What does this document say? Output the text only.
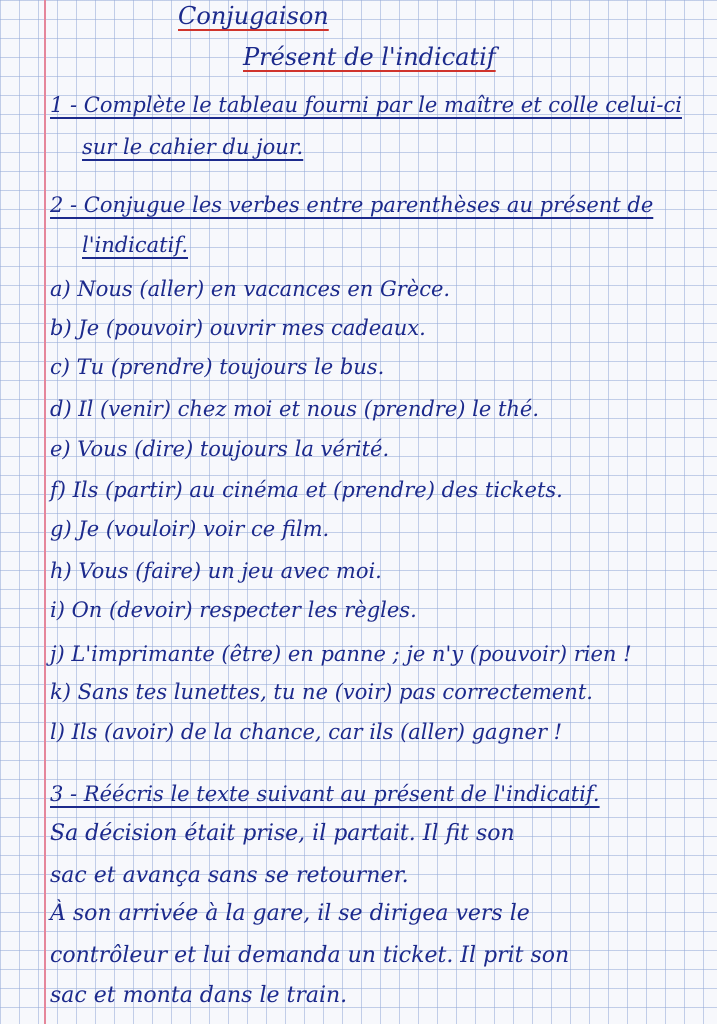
Conjugaison
Présent de l'indicatif
1 - Complète le tableau fourni par le maître et colle celui-ci
sur le cahier du jour.
2 - Conjugue les verbes entre parenthèses au présent de
l'indicatif.
a) Nous (aller) en vacances en Grèce.
b) Je (pouvoir) ouvrir mes cadeaux.
c) Tu (prendre) toujours le bus.
d) Il (venir) chez moi et nous (prendre) le thé.
e) Vous (dire) toujours la vérité.
f) Ils (partir) au cinéma et (prendre) des tickets.
g) Je (vouloir) voir ce film.
h) Vous (faire) un jeu avec moi.
i) On (devoir) respecter les règles.
j) L'imprimante (être) en panne ; je n'y (pouvoir) rien !
k) Sans tes lunettes, tu ne (voir) pas correctement.
l) Ils (avoir) de la chance, car ils (aller) gagner !
3 - Réécris le texte suivant au présent de l'indicatif.
Sa décision était prise, il partait. Il fit son
sac et avança sans se retourner.
À son arrivée à la gare, il se dirigea vers le
contrôleur et lui demanda un ticket. Il prit son
sac et monta dans le train.
